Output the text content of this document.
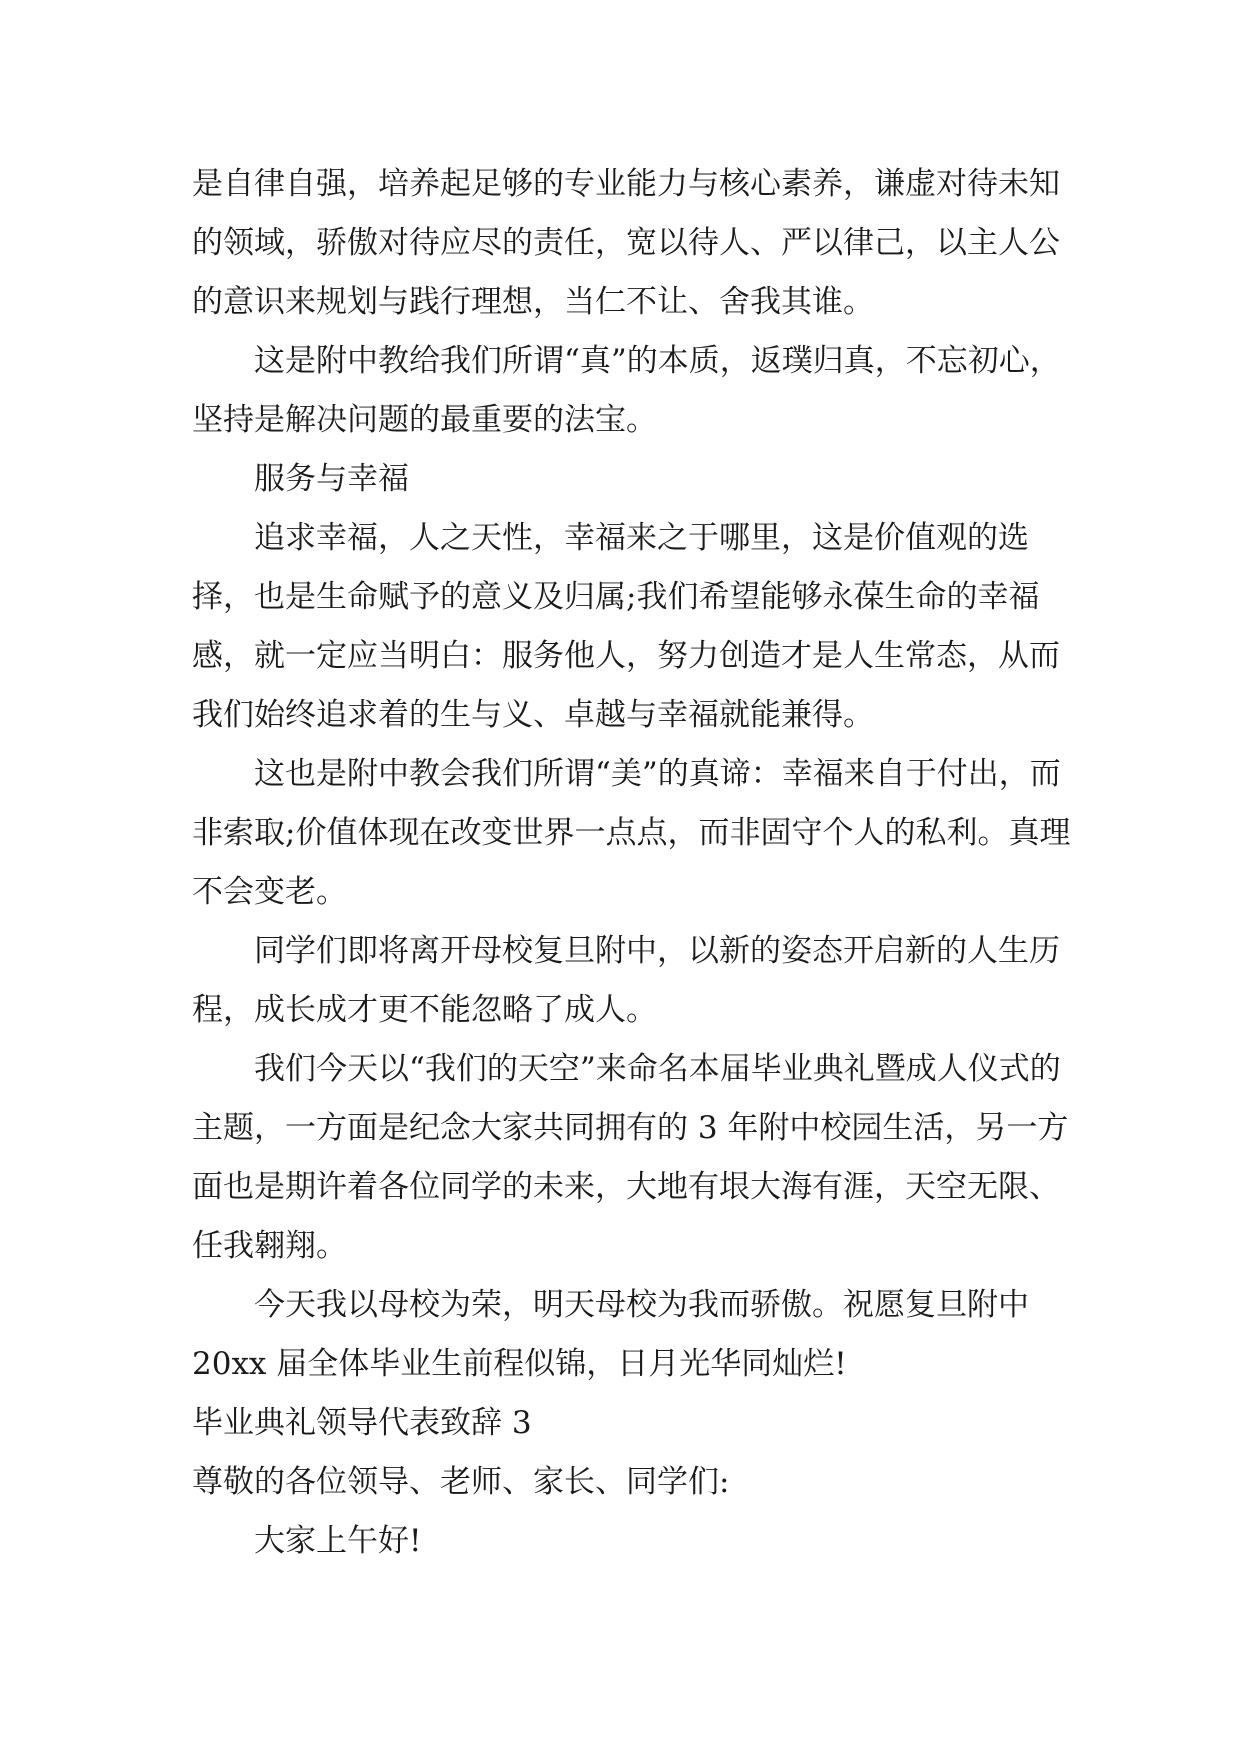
是自律自强，培养起足够的专业能力与核心素养，谦虚对待未知的领域，骄傲对待应尽的责任，宽以待人、严以律己，以主人公的意识来规划与践行理想，当仁不让、舍我其谁。

这是附中教给我们所谓“真”的本质，返璞归真，不忘初心，坚持是解决问题的最重要的法宝。

服务与幸福

追求幸福，人之天性，幸福来之于哪里，这是价值观的选择，也是生命赋予的意义及归属;我们希望能够永葆生命的幸福感，就一定应当明白：服务他人，努力创造才是人生常态，从而我们始终追求着的生与义、卓越与幸福就能兼得。

这也是附中教会我们所谓“美”的真谛：幸福来自于付出，而非索取;价值体现在改变世界一点点，而非固守个人的私利。真理不会变老。

同学们即将离开母校复旦附中，以新的姿态开启新的人生历程，成长成才更不能忽略了成人。

我们今天以“我们的天空”来命名本届毕业典礼暨成人仪式的主题，一方面是纪念大家共同拥有的 3 年附中校园生活，另一方面也是期许着各位同学的未来，大地有垠大海有涯，天空无限、任我翱翔。

今天我以母校为荣，明天母校为我而骄傲。祝愿复旦附中 20xx 届全体毕业生前程似锦，日月光华同灿烂!

毕业典礼领导代表致辞 3

尊敬的各位领导、老师、家长、同学们:

大家上午好!
